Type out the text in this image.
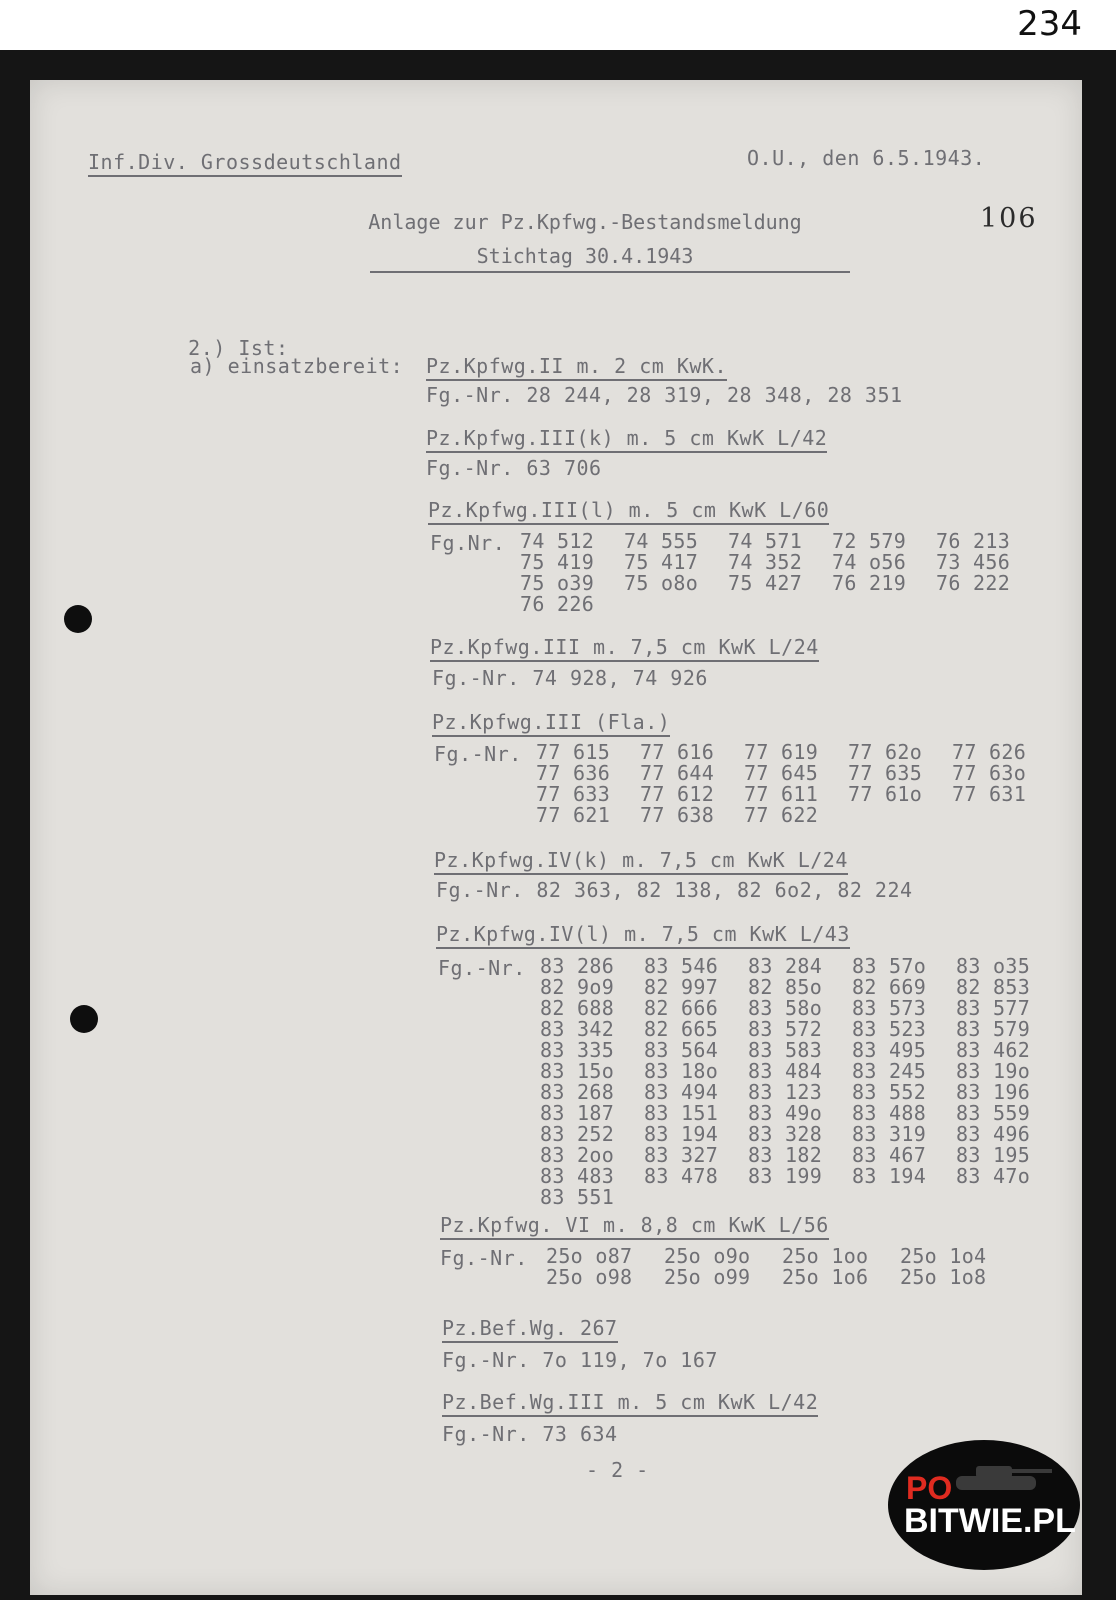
234
Inf.Div. Grossdeutschland	O.U., den 6.5.1943.
106
Anlage zur Pz.Kpfwg.-Bestandsmeldung
Stichtag 30.4.1943

2.) Ist:

a) einsatzbereit: Pz.Kpfwg.II m. 2 cm KwK.
Fg.-Nr. 28 244, 28 319, 28 348, 28 351
Pz.Kpfwg.III(k) m. 5 cm KwK L/42
Fg.-Nr. 63 706
Pz.Kpfwg.III(l) m. 5 cm KwK L/60
Fg.Nr. 74 512	74 555	74 571	72 579	76 213
75 419	75 417	74 352	74 o56	73 456
75 o39	75 o8o	75 427	76 219	76 222
76 226
Pz.Kpfwg.III m. 7,5 cm KwK L/24
Fg.-Nr. 74 928, 74 926
Pz.Kpfwg.III (Fla.)
Fg.-Nr. 77 615	77 616	77 619	77 62o	77 626
77 636	77 644	77 645	77 635	77 63o
77 633	77 612	77 611	77 61o	77 631
77 621	77 638	77 622
Pz.Kpfwg.IV(k) m. 7,5 cm KwK L/24
Fg.-Nr. 82 363, 82 138, 82 6o2, 82 224
Pz.Kpfwg.IV(l) m. 7,5 cm KwK L/43
Fg.-Nr. 83 286	83 546	83 284	83 57o	83 o35
82 9o9	82 997	82 85o	82 669	82 853
82 688	82 666	83 58o	83 573	83 577
83 342	82 665	83 572	83 523	83 579
83 335	83 564	83 583	83 495	83 462
83 15o	83 18o	83 484	83 245	83 19o
83 268	83 494	83 123	83 552	83 196
83 187	83 151	83 49o	83 488	83 559
83 252	83 194	83 328	83 319	83 496
83 2oo	83 327	83 182	83 467	83 195
83 483	83 478	83 199	83 194	83 47o
83 551
Pz.Kpfwg. VI m. 8,8 cm KwK L/56
Fg.-Nr. 25o o87	25o o9o	25o 1oo	25o 1o4
25o o98	25o o99	25o 1o6	25o 1o8
Pz.Bef.Wg. 267
Fg.-Nr. 7o 119, 7o 167
Pz.Bef.Wg.III m. 5 cm KwK L/42
Fg.-Nr. 73 634
- 2 -	PO
BITWIE.PL
